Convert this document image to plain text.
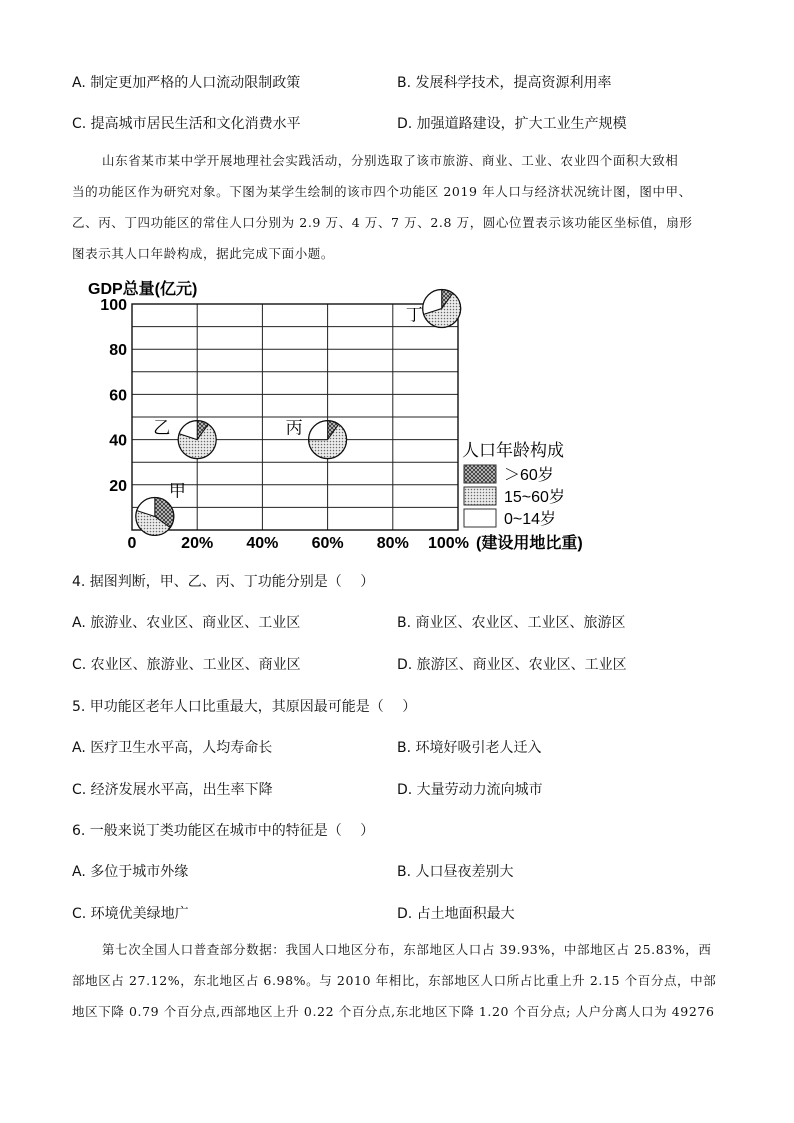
A. 制定更加严格的人口流动限制政策	B. 发展科学技术，提高资源利用率
C. 提高城市居民生活和文化消费水平	D. 加强道路建设，扩大工业生产规模
山东省某市某中学开展地理社会实践活动，分别选取了该市旅游、商业、工业、农业四个面积大致相
当的功能区作为研究对象。下图为某学生绘制的该市四个功能区 2019 年人口与经济状况统计图，图中甲、
乙、丙、丁四功能区的常住人口分别为 2.9 万、4 万、7 万、2.8 万，圆心位置表示该功能区坐标值，扇形
图表示其人口年龄构成，据此完成下面小题。
GDP总量(亿元)
20
40
60
80
100
0	20% 40% 60% 80% 100% (建设用地比重)
甲
乙	丙
丁
人口年龄构成
＞60岁
15~60岁
0~14岁
4. 据图判断，甲、乙、丙、丁功能分别是（　 ）
A. 旅游业、农业区、商业区、工业区	B. 商业区、农业区、工业区、旅游区
C. 农业区、旅游业、工业区、商业区	D. 旅游区、商业区、农业区、工业区
5. 甲功能区老年人口比重最大，其原因最可能是（　 ）
A. 医疗卫生水平高，人均寿命长	B. 环境好吸引老人迁入
C. 经济发展水平高，出生率下降	D. 大量劳动力流向城市
6. 一般来说丁类功能区在城市中的特征是（　 ）
A. 多位于城市外缘	B. 人口昼夜差别大
C. 环境优美绿地广	D. 占土地面积最大
第七次全国人口普查部分数据：我国人口地区分布，东部地区人口占 39.93%，中部地区占 25.83%，西
部地区占 27.12%，东北地区占 6.98%。与 2010 年相比，东部地区人口所占比重上升 2.15 个百分点，中部
地区下降 0.79 个百分点,西部地区上升 0.22 个百分点,东北地区下降 1.20 个百分点; 人户分离人口为 49276
